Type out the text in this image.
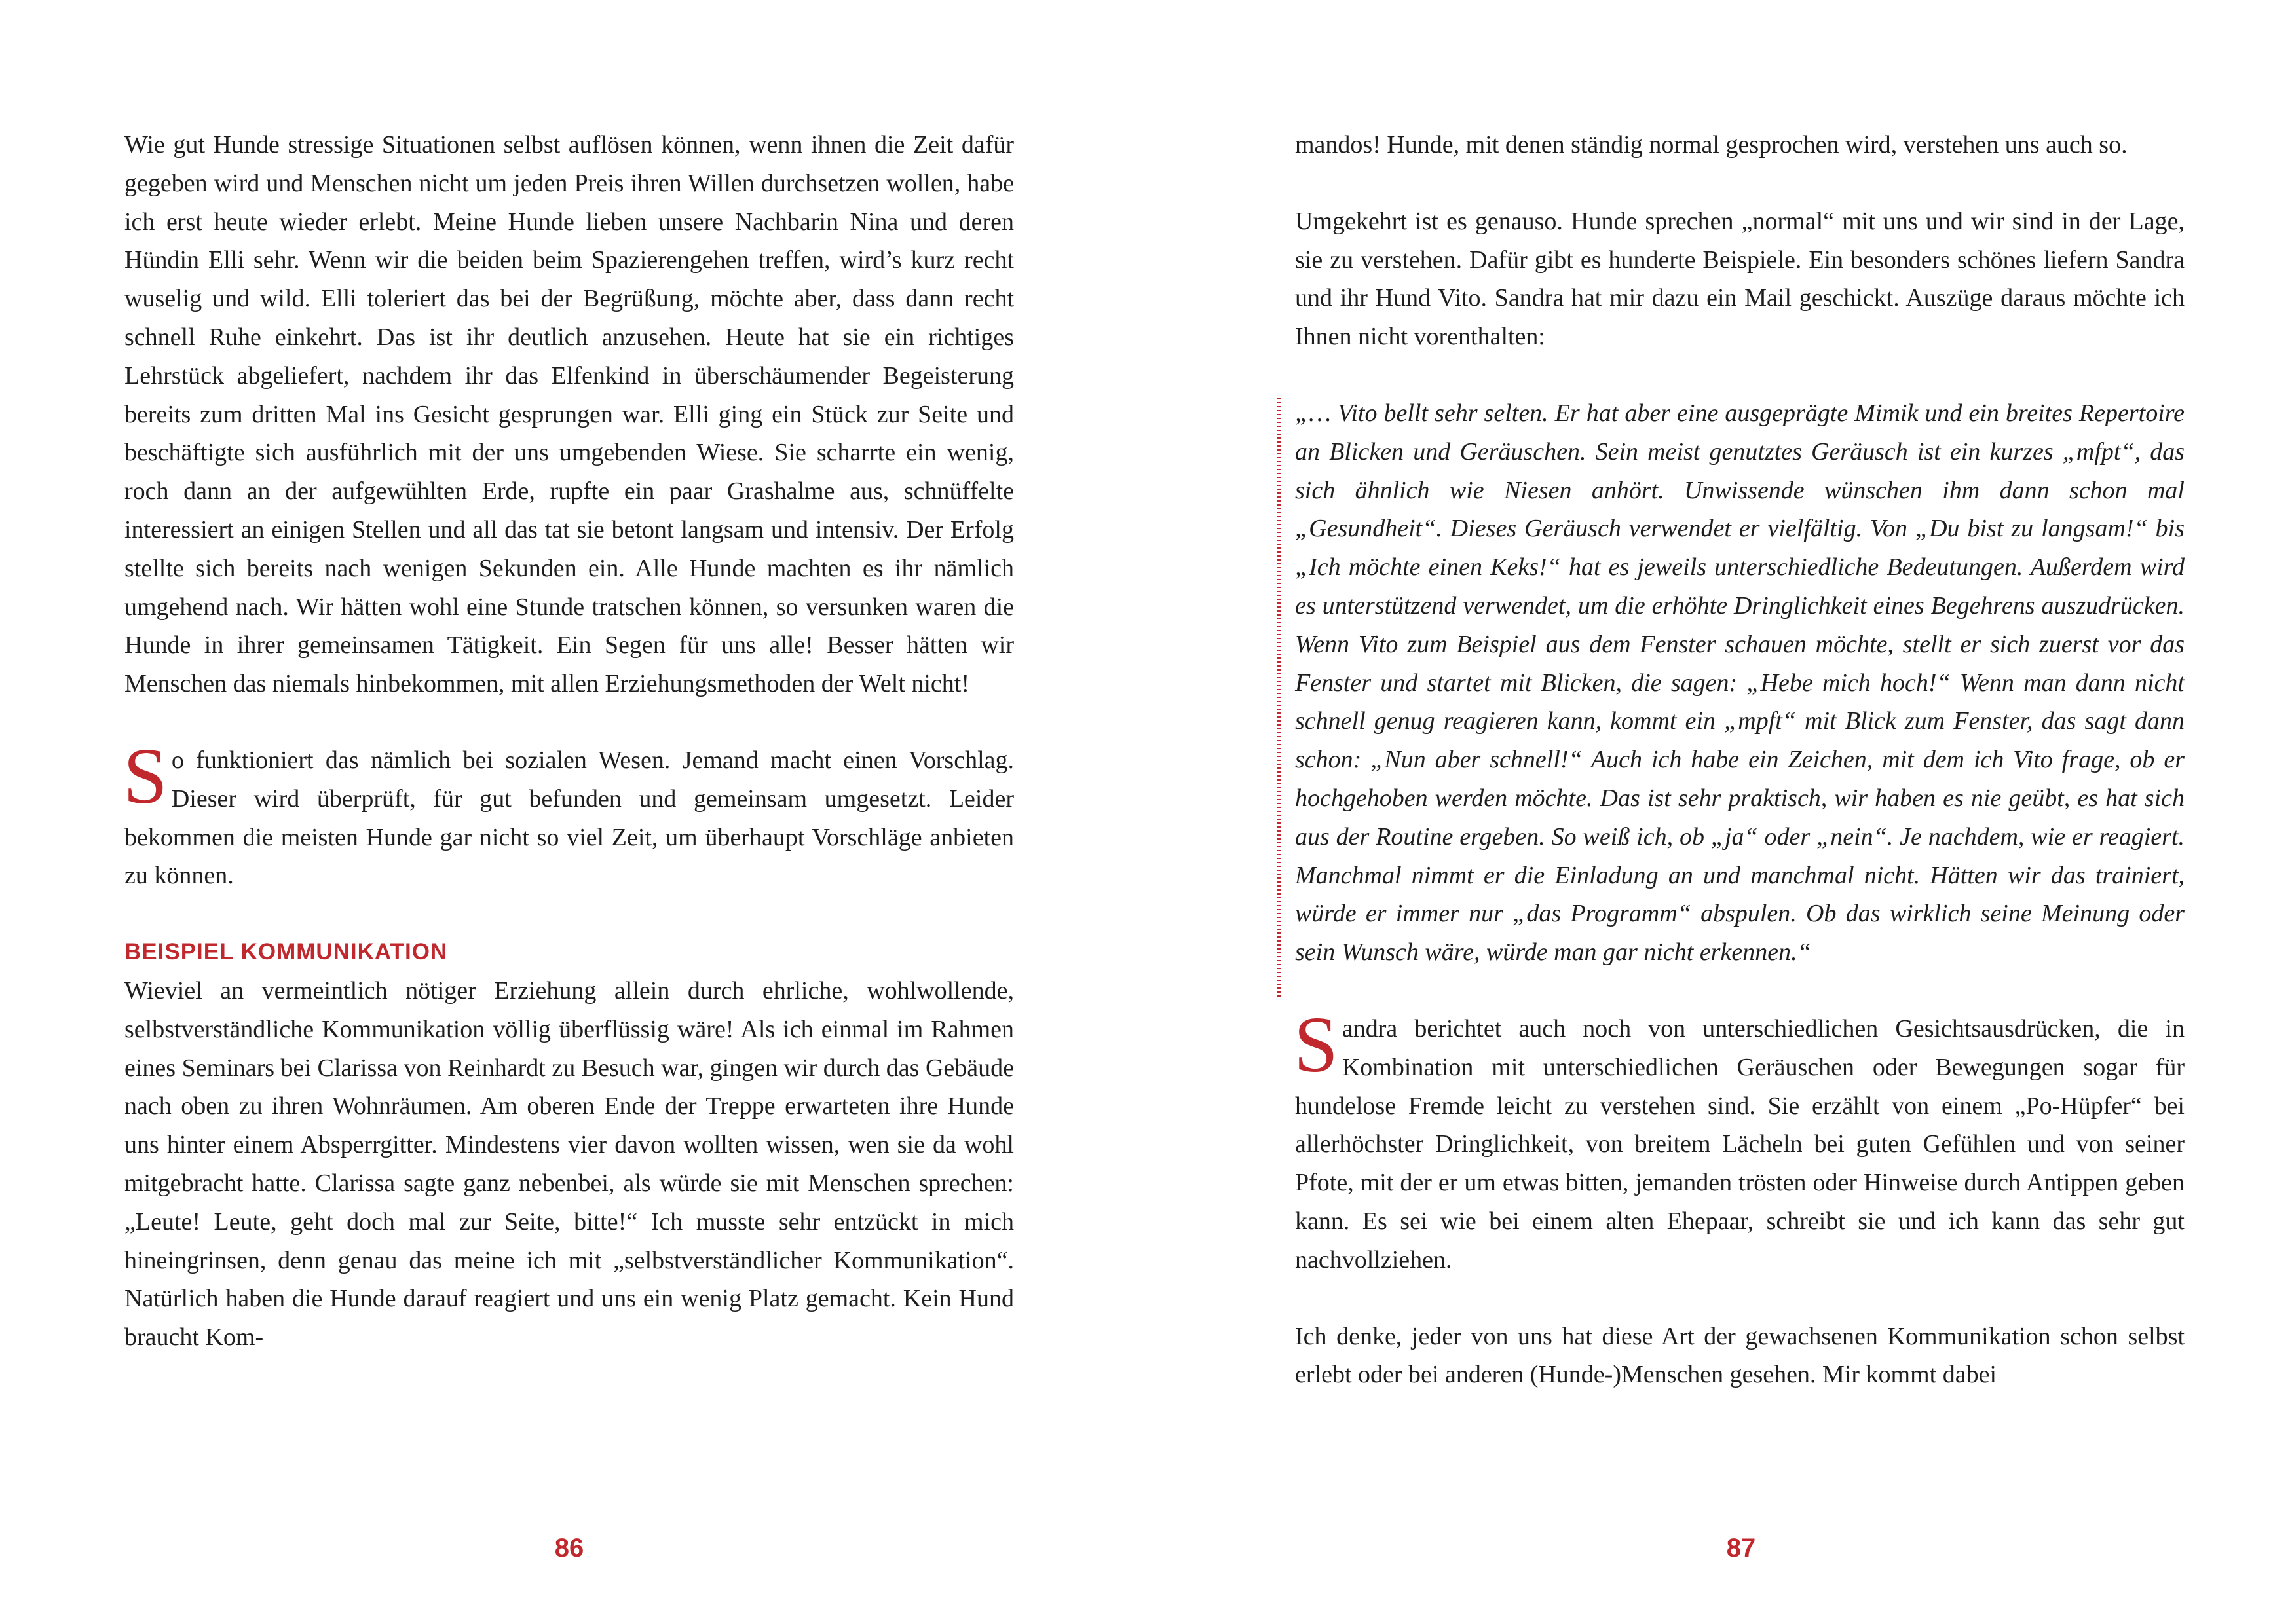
Wie gut Hunde stressige Situationen selbst auflösen können, wenn ihnen die Zeit dafür gegeben wird und Menschen nicht um jeden Preis ihren Willen durchsetzen wollen, habe ich erst heute wieder erlebt. Meine Hunde lieben unsere Nachbarin Nina und deren Hündin Elli sehr. Wenn wir die beiden beim Spazierengehen treffen, wird’s kurz recht wuselig und wild. Elli toleriert das bei der Begrüßung, möchte aber, dass dann recht schnell Ruhe einkehrt. Das ist ihr deutlich anzusehen. Heute hat sie ein richtiges Lehrstück abgeliefert, nachdem ihr das Elfenkind in überschäumender Begeisterung bereits zum dritten Mal ins Gesicht gesprungen war. Elli ging ein Stück zur Seite und beschäftigte sich ausführlich mit der uns umgebenden Wiese. Sie scharrte ein wenig, roch dann an der aufgewühlten Erde, rupfte ein paar Grashalme aus, schnüffelte interessiert an einigen Stellen und all das tat sie betont langsam und intensiv. Der Erfolg stellte sich bereits nach wenigen Sekunden ein. Alle Hunde machten es ihr nämlich umgehend nach. Wir hätten wohl eine Stunde tratschen können, so versunken waren die Hunde in ihrer gemeinsamen Tätigkeit. Ein Segen für uns alle! Besser hätten wir Menschen das niemals hinbekommen, mit allen Erziehungsmethoden der Welt nicht!

So funktioniert das nämlich bei sozialen Wesen. Jemand macht einen Vorschlag. Dieser wird überprüft, für gut befunden und gemeinsam umgesetzt. Leider bekommen die meisten Hunde gar nicht so viel Zeit, um überhaupt Vorschläge anbieten zu können.

BEISPIEL KOMMUNIKATION

Wieviel an vermeintlich nötiger Erziehung allein durch ehrliche, wohlwollende, selbstverständliche Kommunikation völlig überflüssig wäre! Als ich einmal im Rahmen eines Seminars bei Clarissa von Reinhardt zu Besuch war, gingen wir durch das Gebäude nach oben zu ihren Wohnräumen. Am oberen Ende der Treppe erwarteten ihre Hunde uns hinter einem Absperrgitter. Mindestens vier davon wollten wissen, wen sie da wohl mitgebracht hatte. Clarissa sagte ganz nebenbei, als würde sie mit Menschen sprechen: „Leute! Leute, geht doch mal zur Seite, bitte!“ Ich musste sehr entzückt in mich hineingrinsen, denn genau das meine ich mit „selbstverständlicher Kommunikation“. Natürlich haben die Hunde darauf reagiert und uns ein wenig Platz gemacht. Kein Hund braucht Kom-

mandos! Hunde, mit denen ständig normal gesprochen wird, verstehen uns auch so.

Umgekehrt ist es genauso. Hunde sprechen „normal“ mit uns und wir sind in der Lage, sie zu verstehen. Dafür gibt es hunderte Beispiele. Ein besonders schönes liefern Sandra und ihr Hund Vito. Sandra hat mir dazu ein Mail geschickt. Auszüge daraus möchte ich Ihnen nicht vorenthalten:

„… Vito bellt sehr selten. Er hat aber eine ausgeprägte Mimik und ein breites Repertoire an Blicken und Geräuschen. Sein meist genutztes Geräusch ist ein kurzes „mfpt“, das sich ähnlich wie Niesen anhört. Unwissende wünschen ihm dann schon mal „Gesundheit“. Dieses Geräusch verwendet er vielfältig. Von „Du bist zu langsam!“ bis „Ich möchte einen Keks!“ hat es jeweils unterschiedliche Bedeutungen. Außerdem wird es unterstützend verwendet, um die erhöhte Dringlichkeit eines Begehrens auszudrücken. Wenn Vito zum Beispiel aus dem Fenster schauen möchte, stellt er sich zuerst vor das Fenster und startet mit Blicken, die sagen: „Hebe mich hoch!“ Wenn man dann nicht schnell genug reagieren kann, kommt ein „mpft“ mit Blick zum Fenster, das sagt dann schon: „Nun aber schnell!“ Auch ich habe ein Zeichen, mit dem ich Vito frage, ob er hochgehoben werden möchte. Das ist sehr praktisch, wir haben es nie geübt, es hat sich aus der Routine ergeben. So weiß ich, ob „ja“ oder „nein“. Je nachdem, wie er reagiert. Manchmal nimmt er die Einladung an und manchmal nicht. Hätten wir das trainiert, würde er immer nur „das Programm“ abspulen. Ob das wirklich seine Meinung oder sein Wunsch wäre, würde man gar nicht erkennen.“

Sandra berichtet auch noch von unterschiedlichen Gesichtsausdrücken, die in Kombination mit unterschiedlichen Geräuschen oder Bewegungen sogar für hundelose Fremde leicht zu verstehen sind. Sie erzählt von einem „Po-Hüpfer“ bei allerhöchster Dringlichkeit, von breitem Lächeln bei guten Gefühlen und von seiner Pfote, mit der er um etwas bitten, jemanden trösten oder Hinweise durch Antippen geben kann. Es sei wie bei einem alten Ehepaar, schreibt sie und ich kann das sehr gut nachvollziehen.

Ich denke, jeder von uns hat diese Art der gewachsenen Kommunikation schon selbst erlebt oder bei anderen (Hunde-)Menschen gesehen. Mir kommt dabei

86	87
